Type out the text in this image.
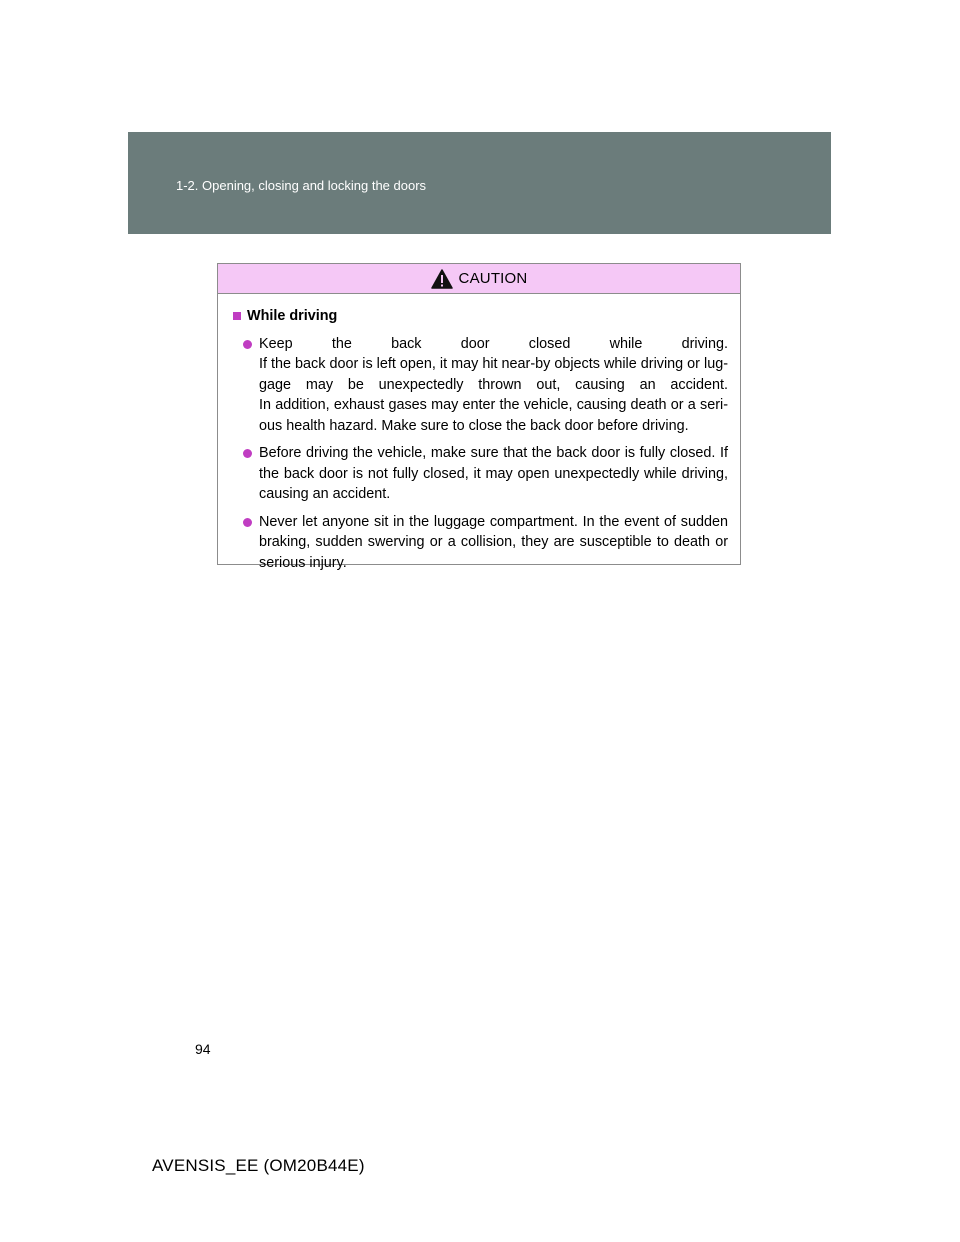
1-2. Opening, closing and locking the doors
CAUTION
While driving
Keep the back door closed while driving.
If the back door is left open, it may hit near-by objects while driving or lug-
gage may be unexpectedly thrown out, causing an accident.
In addition, exhaust gases may enter the vehicle, causing death or a seri-
ous health hazard. Make sure to close the back door before driving.
Before driving the vehicle, make sure that the back door is fully closed. If
the back door is not fully closed, it may open unexpectedly while driving,
causing an accident.
Never let anyone sit in the luggage compartment. In the event of sudden
braking, sudden swerving or a collision, they are susceptible to death or
serious injury.
94
AVENSIS_EE (OM20B44E)
